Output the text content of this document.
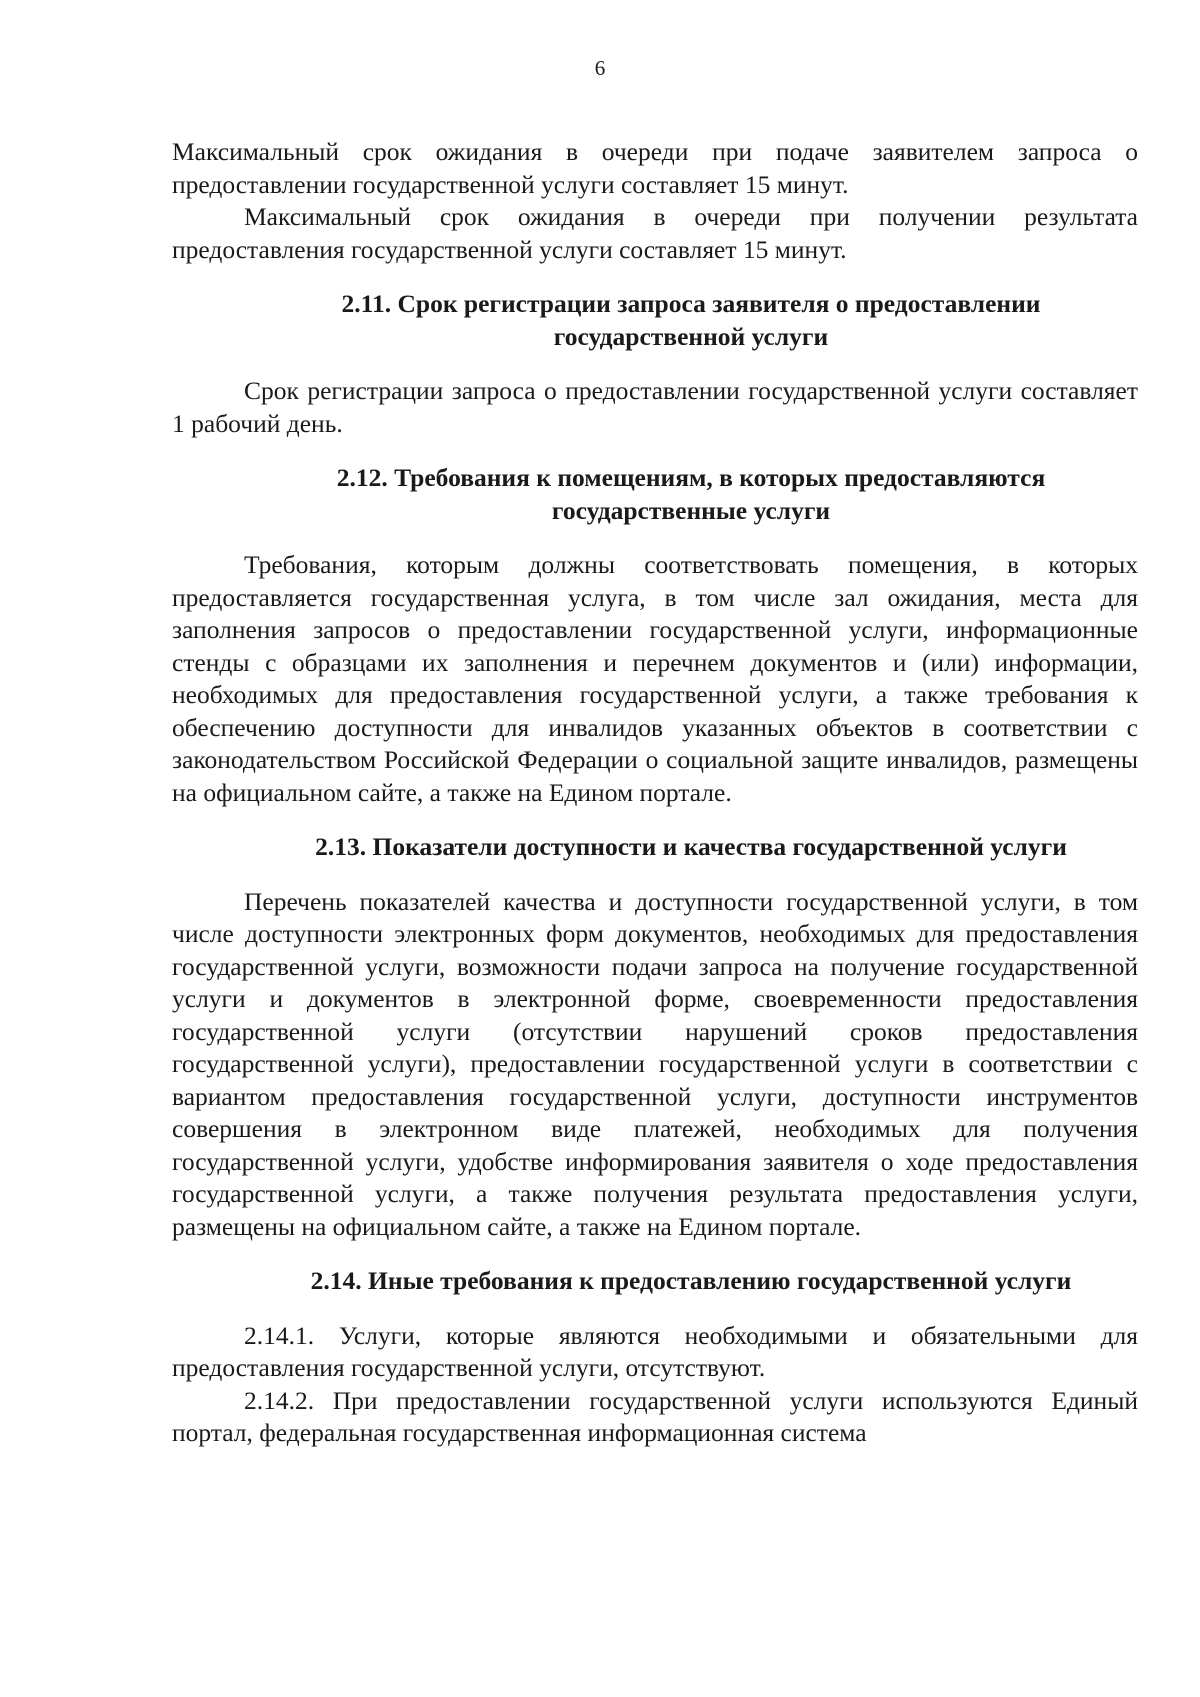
6

Максимальный срок ожидания в очереди при подаче заявителем запроса о предоставлении государственной услуги составляет 15 минут.

Максимальный срок ожидания в очереди при получении результата предоставления государственной услуги составляет 15 минут.

2.11. Срок регистрации запроса заявителя о предоставлении
государственной услуги

Срок регистрации запроса о предоставлении государственной услуги составляет 1 рабочий день.

2.12. Требования к помещениям, в которых предоставляются
государственные услуги

Требования, которым должны соответствовать помещения, в которых предоставляется государственная услуга, в том числе зал ожидания, места для заполнения запросов о предоставлении государственной услуги, информационные стенды с образцами их заполнения и перечнем документов и (или) информации, необходимых для предоставления государственной услуги, а также требования к обеспечению доступности для инвалидов указанных объектов в соответствии с законодательством Российской Федерации о социальной защите инвалидов, размещены на официальном сайте, а также на Едином портале.

2.13. Показатели доступности и качества государственной услуги

Перечень показателей качества и доступности государственной услуги, в том числе доступности электронных форм документов, необходимых для предоставления государственной услуги, возможности подачи запроса на получение государственной услуги и документов в электронной форме, своевременности предоставления государственной услуги (отсутствии нарушений сроков предоставления государственной услуги), предоставлении государственной услуги в соответствии с вариантом предоставления государственной услуги, доступности инструментов совершения в электронном виде платежей, необходимых для получения государственной услуги, удобстве информирования заявителя о ходе предоставления государственной услуги, а также получения результата предоставления услуги, размещены на официальном сайте, а также на Едином портале.

2.14. Иные требования к предоставлению государственной услуги

2.14.1. Услуги, которые являются необходимыми и обязательными для предоставления государственной услуги, отсутствуют.

2.14.2. При предоставлении государственной услуги используются Единый портал, федеральная государственная информационная система
